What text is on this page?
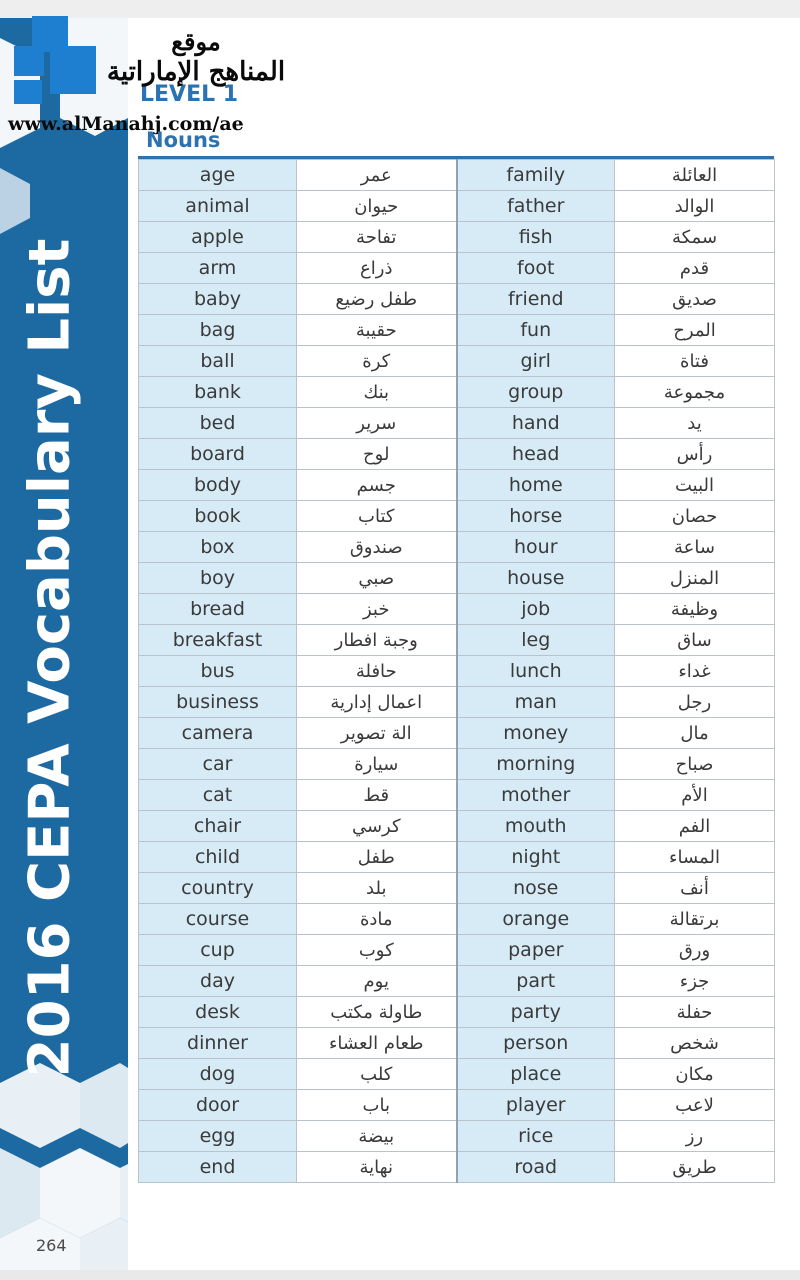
2016 CEPA Vocabulary List
264
LEVEL 1
موقع
المناهج الإماراتية
www.alManahj.com/ae
Nouns
age	عمر	family	العائلة
animal	حيوان	father	الوالد
apple	تفاحة	fish	سمكة
arm	ذراع	foot	قدم
baby	طفل رضيع	friend	صديق
bag	حقيبة	fun	المرح
ball	كرة	girl	فتاة
bank	بنك	group	مجموعة
bed	سرير	hand	يد
board	لوح	head	رأس
body	جسم	home	البيت
book	كتاب	horse	حصان
box	صندوق	hour	ساعة
boy	صبي	house	المنزل
bread	خبز	job	وظيفة
breakfast	وجبة افطار	leg	ساق
bus	حافلة	lunch	غداء
business	اعمال إدارية	man	رجل
camera	الة تصوير	money	مال
car	سيارة	morning	صباح
cat	قط	mother	الأم
chair	كرسي	mouth	الفم
child	طفل	night	المساء
country	بلد	nose	أنف
course	مادة	orange	برتقالة
cup	كوب	paper	ورق
day	يوم	part	جزء
desk	طاولة مكتب	party	حفلة
dinner	طعام العشاء	person	شخص
dog	كلب	place	مكان
door	باب	player	لاعب
egg	بيضة	rice	رز
end	نهاية	road	طريق
